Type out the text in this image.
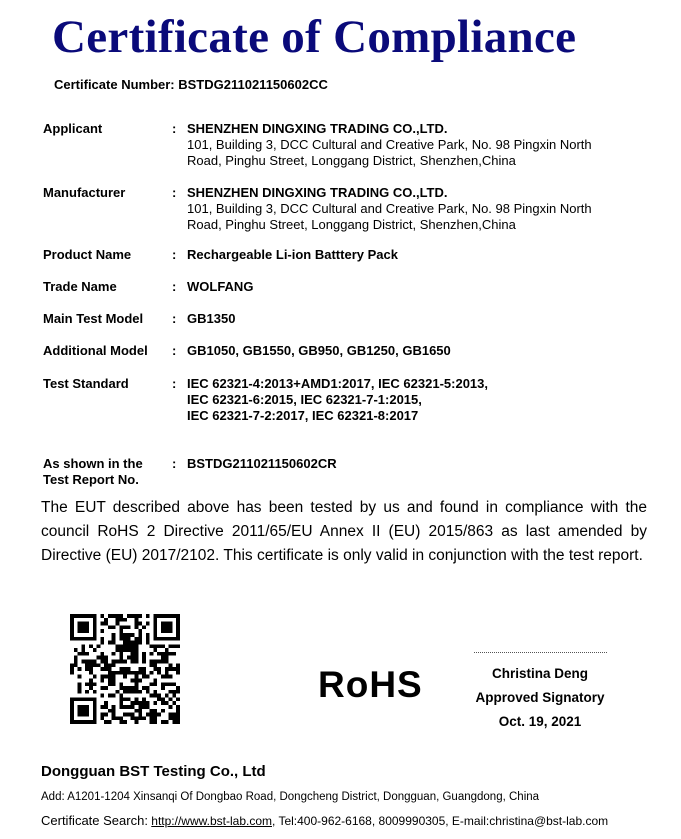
Certificate of Compliance
Certificate Number: BSTDG211021150602CC
Applicant	: SHENZHEN DINGXING TRADING CO.,LTD.
101, Building 3, DCC Cultural and Creative Park, No. 98 Pingxin North
Road, Pinghu Street, Longgang District, Shenzhen,China
Manufacturer	: SHENZHEN DINGXING TRADING CO.,LTD.
101, Building 3, DCC Cultural and Creative Park, No. 98 Pingxin North
Road, Pinghu Street, Longgang District, Shenzhen,China
Product Name	: Rechargeable Li-ion Batttery Pack
Trade Name	: WOLFANG
Main Test Model	: GB1350
Additional Model	: GB1050, GB1550, GB950, GB1250, GB1650
Test Standard	: IEC 62321-4:2013+AMD1:2017, IEC 62321-5:2013,
IEC 62321-6:2015, IEC 62321-7-1:2015,
IEC 62321-7-2:2017, IEC 62321-8:2017
As shown in the
Test Report No.
: BSTDG211021150602CR
The EUT described above has been tested by us and found in compliance with the council RoHS 2 Directive 2011/65/EU Annex II (EU) 2015/863 as last amended by Directive (EU) 2017/2102. This certificate is only valid in conjunction with the test report.
RoHS	Christina Deng
Approved Signatory
Oct. 19, 2021
Dongguan BST Testing Co., Ltd
Add: A1201-1204 Xinsanqi Of Dongbao Road, Dongcheng District, Dongguan, Guangdong, China
Certificate Search: http://www.bst-lab.com, Tel:400-962-6168, 8009990305, E-mail:christina@bst-lab.com
